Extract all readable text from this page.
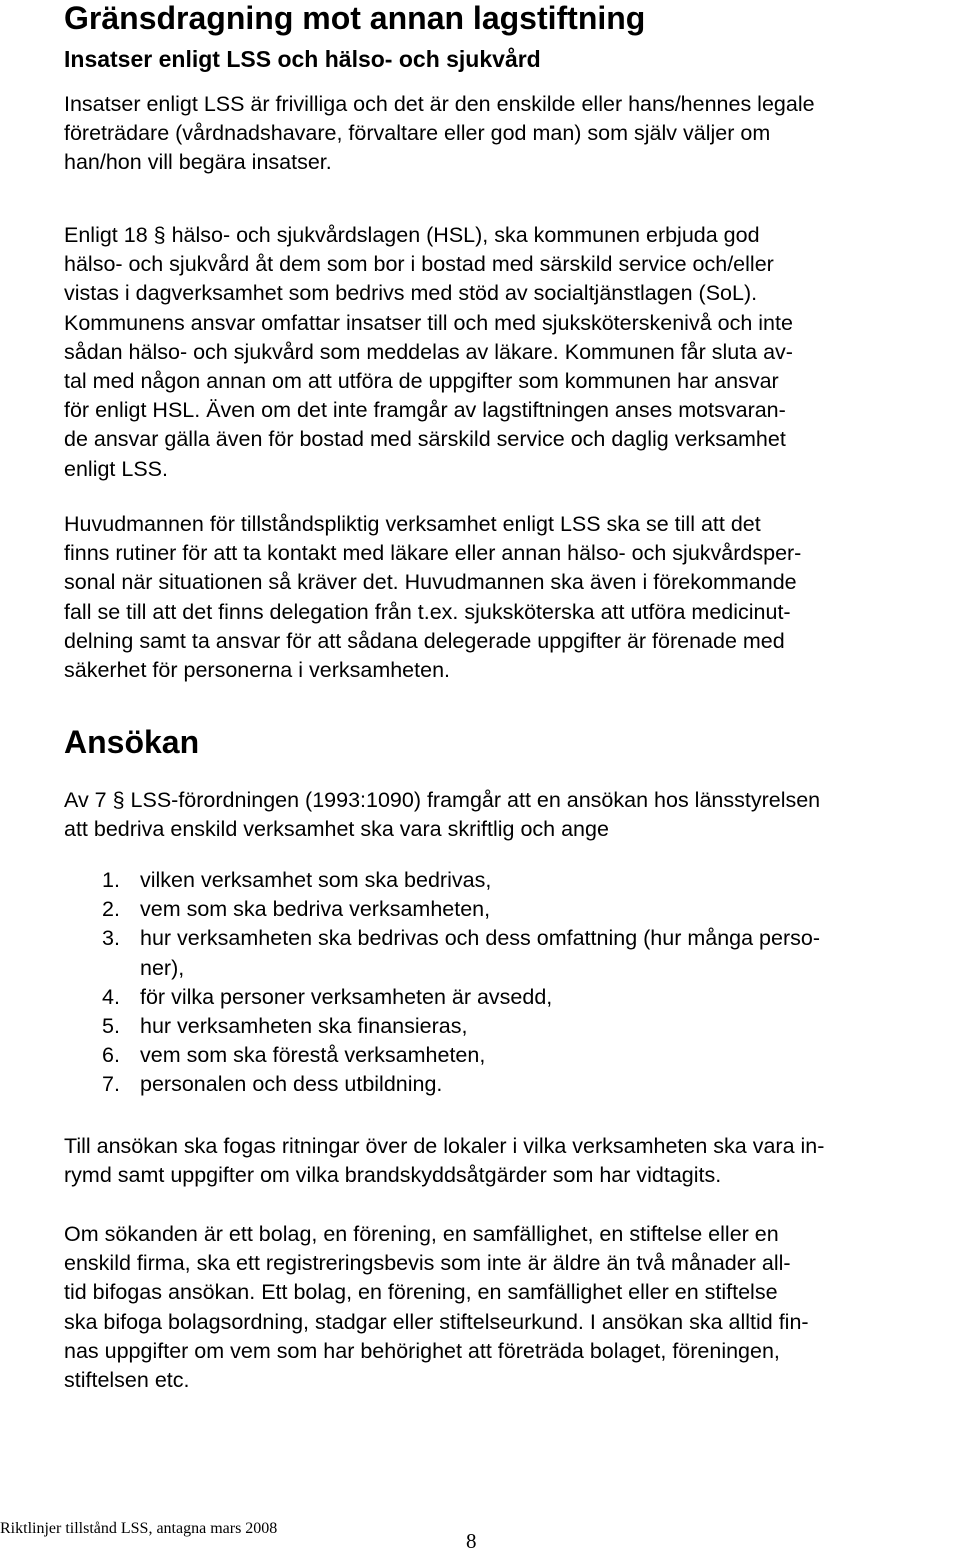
Gränsdragning mot annan lagstiftning
Insatser enligt LSS och hälso- och sjukvård

Insatser enligt LSS är frivilliga och det är den enskilde eller hans/hennes legale
företrädare (vårdnadshavare, förvaltare eller god man) som själv väljer om
han/hon vill begära insatser.

Enligt 18 § hälso- och sjukvårdslagen (HSL), ska kommunen erbjuda god
hälso- och sjukvård åt dem som bor i bostad med särskild service och/eller
vistas i dagverksamhet som bedrivs med stöd av socialtjänstlagen (SoL).
Kommunens ansvar omfattar insatser till och med sjuksköterskenivå och inte
sådan hälso- och sjukvård som meddelas av läkare. Kommunen får sluta av-
tal med någon annan om att utföra de uppgifter som kommunen har ansvar
för enligt HSL. Även om det inte framgår av lagstiftningen anses motsvaran-
de ansvar gälla även för bostad med särskild service och daglig verksamhet
enligt LSS.

Huvudmannen för tillståndspliktig verksamhet enligt LSS ska se till att det
finns rutiner för att ta kontakt med läkare eller annan hälso- och sjukvårdsper-
sonal när situationen så kräver det. Huvudmannen ska även i förekommande
fall se till att det finns delegation från t.ex. sjuksköterska att utföra medicinut-
delning samt ta ansvar för att sådana delegerade uppgifter är förenade med
säkerhet för personerna i verksamheten.

Ansökan

Av 7 § LSS-förordningen (1993:1090) framgår att en ansökan hos länsstyrelsen
att bedriva enskild verksamhet ska vara skriftlig och ange

1. vilken verksamhet som ska bedrivas,
2. vem som ska bedriva verksamheten,
3. hur verksamheten ska bedrivas och dess omfattning (hur många perso-
ner),
4. för vilka personer verksamheten är avsedd,
5. hur verksamheten ska finansieras,
6. vem som ska förestå verksamheten,
7. personalen och dess utbildning.

Till ansökan ska fogas ritningar över de lokaler i vilka verksamheten ska vara in-
rymd samt uppgifter om vilka brandskyddsåtgärder som har vidtagits.

Om sökanden är ett bolag, en förening, en samfällighet, en stiftelse eller en
enskild firma, ska ett registreringsbevis som inte är äldre än två månader all-
tid bifogas ansökan. Ett bolag, en förening, en samfällighet eller en stiftelse
ska bifoga bolagsordning, stadgar eller stiftelseurkund. I ansökan ska alltid fin-
nas uppgifter om vem som har behörighet att företräda bolaget, föreningen,
stiftelsen etc.

Riktlinjer tillstånd LSS, antagna mars 2008

8
